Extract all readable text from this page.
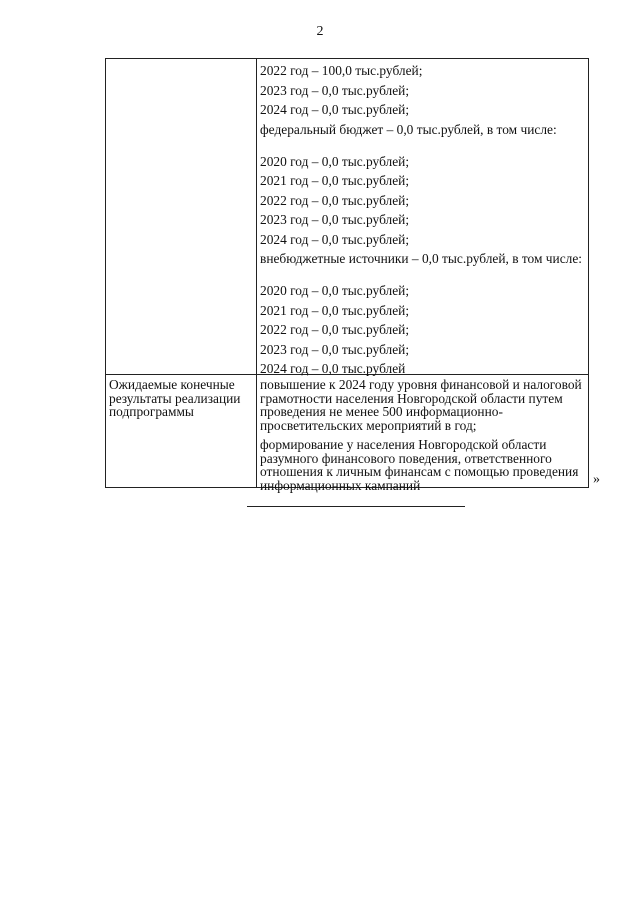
2
2022 год – 100,0 тыс.рублей;
2023 год – 0,0 тыс.рублей;
2024 год – 0,0 тыс.рублей;
федеральный бюджет – 0,0 тыс.рублей, в том числе:
2020 год – 0,0 тыс.рублей;
2021 год – 0,0 тыс.рублей;
2022 год – 0,0 тыс.рублей;
2023 год – 0,0 тыс.рублей;
2024 год – 0,0 тыс.рублей;
внебюджетные источники – 0,0 тыс.рублей, в том числе:
2020 год – 0,0 тыс.рублей;
2021 год – 0,0 тыс.рублей;
2022 год – 0,0 тыс.рублей;
2023 год – 0,0 тыс.рублей;
2024 год – 0,0 тыс.рублей
Ожидаемые конечные результаты реализации подпрограммы
повышение к 2024 году уровня финансовой и налоговой грамотности населения Новгородской области путем проведения не менее 500 информационно-просветительских мероприятий в год;
формирование у населения Новгородской области разумного финансового поведения, ответственного отношения к личным финансам с помощью проведения информационных кампаний	»
